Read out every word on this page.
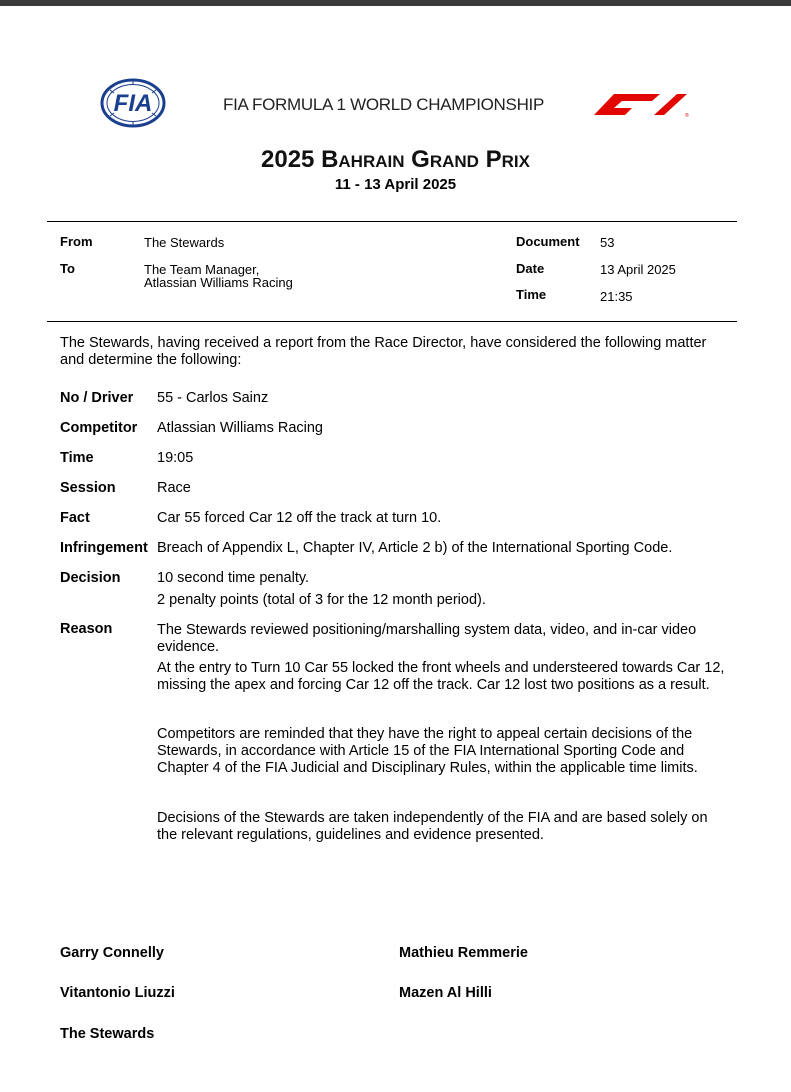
FIA	FIA FORMULA 1 WORLD CHAMPIONSHIP
®
2025 Bahrain Grand Prix
11 - 13 April 2025
From	The Stewards
To	The Team Manager,
Atlassian Williams Racing
Document 53
Date	13 April 2025
Time	21:35
The Stewards, having received a report from the Race Director, have considered the following matter and determine the following:
No / Driver 55 - Carlos Sainz
Competitor Atlassian Williams Racing
Time	19:05
Session	Race
Fact	Car 55 forced Car 12 off the track at turn 10.
Infringement Breach of Appendix L, Chapter IV, Article 2 b) of the International Sporting Code.
Decision	10 second time penalty.
2 penalty points (total of 3 for the 12 month period).
Reason	The Stewards reviewed positioning/marshalling system data, video, and in-car video evidence.
At the entry to Turn 10 Car 55 locked the front wheels and understeered towards Car 12, missing the apex and forcing Car 12 off the track. Car 12 lost two positions as a result.
Competitors are reminded that they have the right to appeal certain decisions of the Stewards, in accordance with Article 15 of the FIA International Sporting Code and Chapter 4 of the FIA Judicial and Disciplinary Rules, within the applicable time limits.
Decisions of the Stewards are taken independently of the FIA and are based solely on the relevant regulations, guidelines and evidence presented.
Garry Connelly	Mathieu Remmerie
Vitantonio Liuzzi	Mazen Al Hilli
The Stewards
